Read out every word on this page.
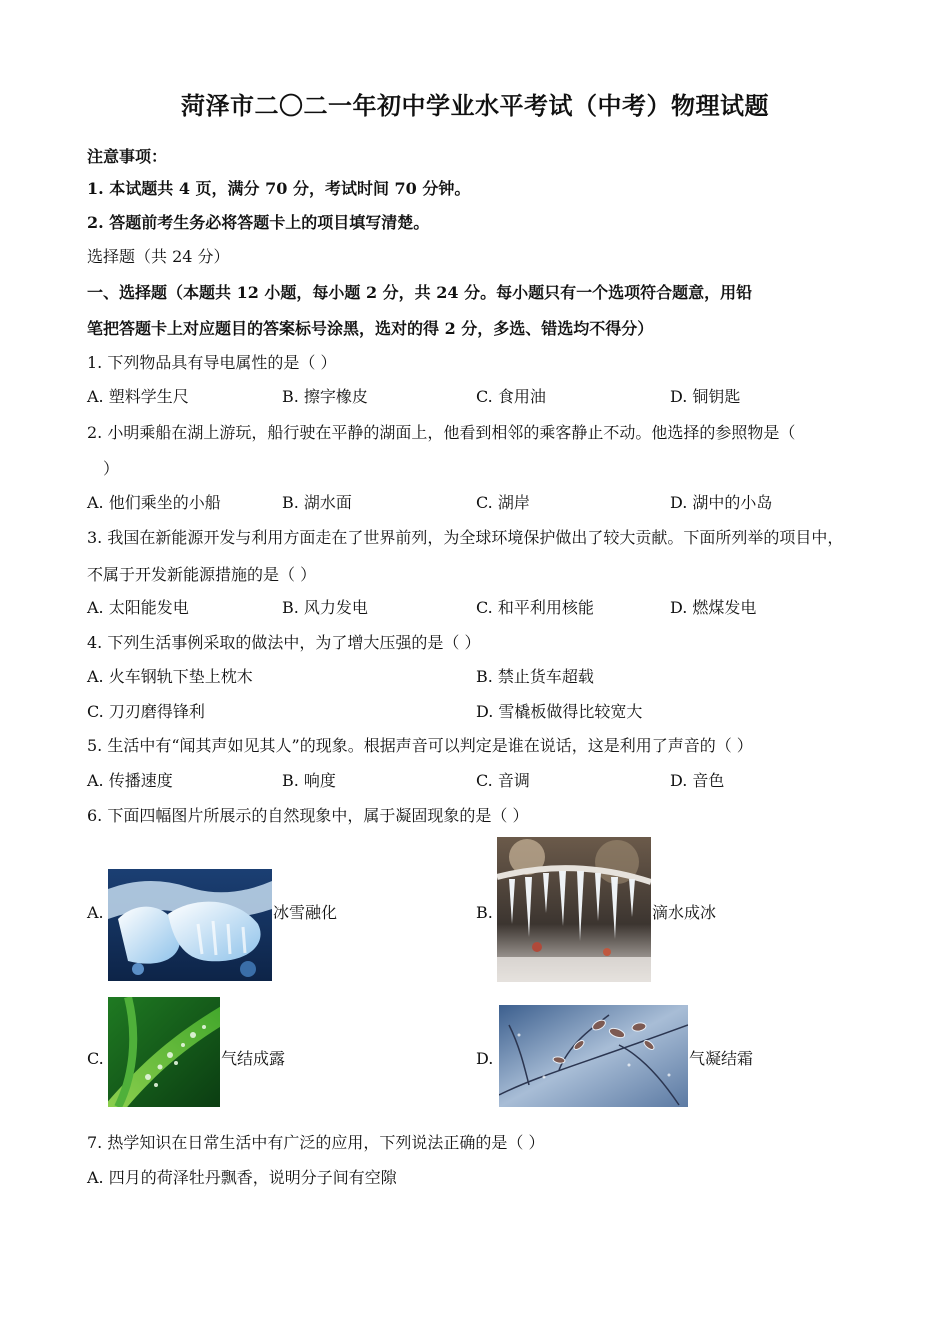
菏泽市二〇二一年初中学业水平考试（中考）物理试题
注意事项：
1. 本试题共 4 页，满分 70 分，考试时间 70 分钟。
2. 答题前考生务必将答题卡上的项目填写清楚。
选择题（共 24 分）
一、选择题（本题共 12 小题，每小题 2 分，共 24 分。每小题只有一个选项符合题意，用铅
笔把答题卡上对应题目的答案标号涂黑，选对的得 2 分，多选、错选均不得分）
1. 下列物品具有导电属性的是（ ）
A. 塑料学生尺	B. 擦字橡皮	C. 食用油	D. 铜钥匙
2. 小明乘船在湖上游玩，船行驶在平静的湖面上，他看到相邻的乘客静止不动。他选择的参照物是（
）
A. 他们乘坐的小船	B. 湖水面	C. 湖岸	D. 湖中的小岛
3. 我国在新能源开发与利用方面走在了世界前列，为全球环境保护做出了较大贡献。下面所列举的项目中，
不属于开发新能源措施的是（ ）
A. 太阳能发电	B. 风力发电	C. 和平利用核能	D. 燃煤发电
4. 下列生活事例采取的做法中，为了增大压强的是（ ）
A. 火车钢轨下垫上枕木	B. 禁止货车超载
C. 刀刃磨得锋利	D. 雪橇板做得比较宽大
5. 生活中有“闻其声如见其人”的现象。根据声音可以判定是谁在说话，这是利用了声音的（ ）
A. 传播速度	B. 响度	C. 音调	D. 音色
6. 下面四幅图片所展示的自然现象中，属于凝固现象的是（ ）
A.	冰雪融化	B.	滴水成冰
C.	气结成露	D.	气凝结霜
7. 热学知识在日常生活中有广泛的应用，下列说法正确的是（ ）
A. 四月的荷泽牡丹飘香，说明分子间有空隙
